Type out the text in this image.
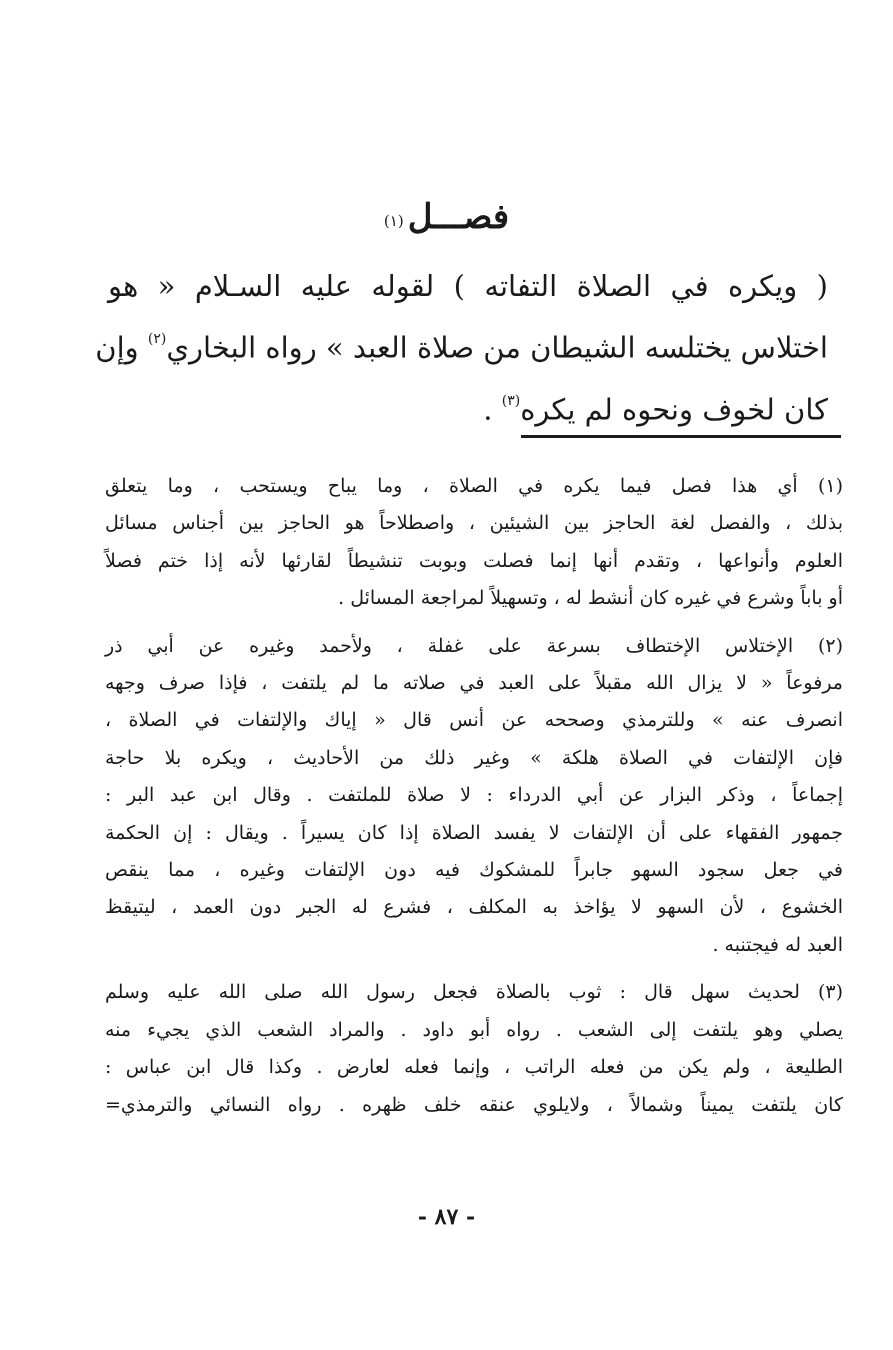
فصـــل$^{(١)}$
( ويكره في الصلاة التفاته ) لقوله عليه السـلام « هو
اختلاس يختلسه الشيطان من صلاة العبد » رواه البخاري$^{(٢)}$ وإن
كان لخوف ونحوه لم يكره$^{(٣)}$ .
(١) أي هذا فصل فيما يكره في الصلاة ، وما يباح ويستحب ، وما يتعلق
بذلك ، والفصل لغة الحاجز بين الشيئين ، واصطلاحاً هو الحاجز بين أجناس مسائل
العلوم وأنواعها ، وتقدم أنها إنما فصلت وبوبت تنشيطاً لقارئها لأنه إذا ختم فصلاً
أو باباً وشرع في غيره كان أنشط له ، وتسهيلاً لمراجعة المسائل .
(٢) الإختلاس الإختطاف بسرعة على غفلة ، ولأحمد وغيره عن أبي ذر
مرفوعاً « لا يزال الله مقبلاً على العبد في صلاته ما لم يلتفت ، فإذا صرف وجهه
انصرف عنه » وللترمذي وصححه عن أنس قال « إياك والإلتفات في الصلاة ،
فإن الإلتفات في الصلاة هلكة » وغير ذلك من الأحاديث ، ويكره بلا حاجة
إجماعاً ، وذكر البزار عن أبي الدرداء : لا صلاة للملتفت . وقال ابن عبد البر :
جمهور الفقهاء على أن الإلتفات لا يفسد الصلاة إذا كان يسيراً . ويقال : إن الحكمة
في جعل سجود السهو جابراً للمشكوك فيه دون الإلتفات وغيره ، مما ينقص
الخشوع ، لأن السهو لا يؤاخذ به المكلف ، فشرع له الجبر دون العمد ، ليتيقظ
العبد له فيجتنبه .
(٣) لحديث سهل قال : ثوب بالصلاة فجعل رسول الله صلى الله عليه وسلم
يصلي وهو يلتفت إلى الشعب . رواه أبو داود . والمراد الشعب الذي يجيء منه
الطليعة ، ولم يكن من فعله الراتب ، وإنما فعله لعارض . وكذا قال ابن عباس :
كان يلتفت يميناً وشمالاً ، ولايلوي عنقه خلف ظهره . رواه النسائي والترمذي=
- ٨٧ -
